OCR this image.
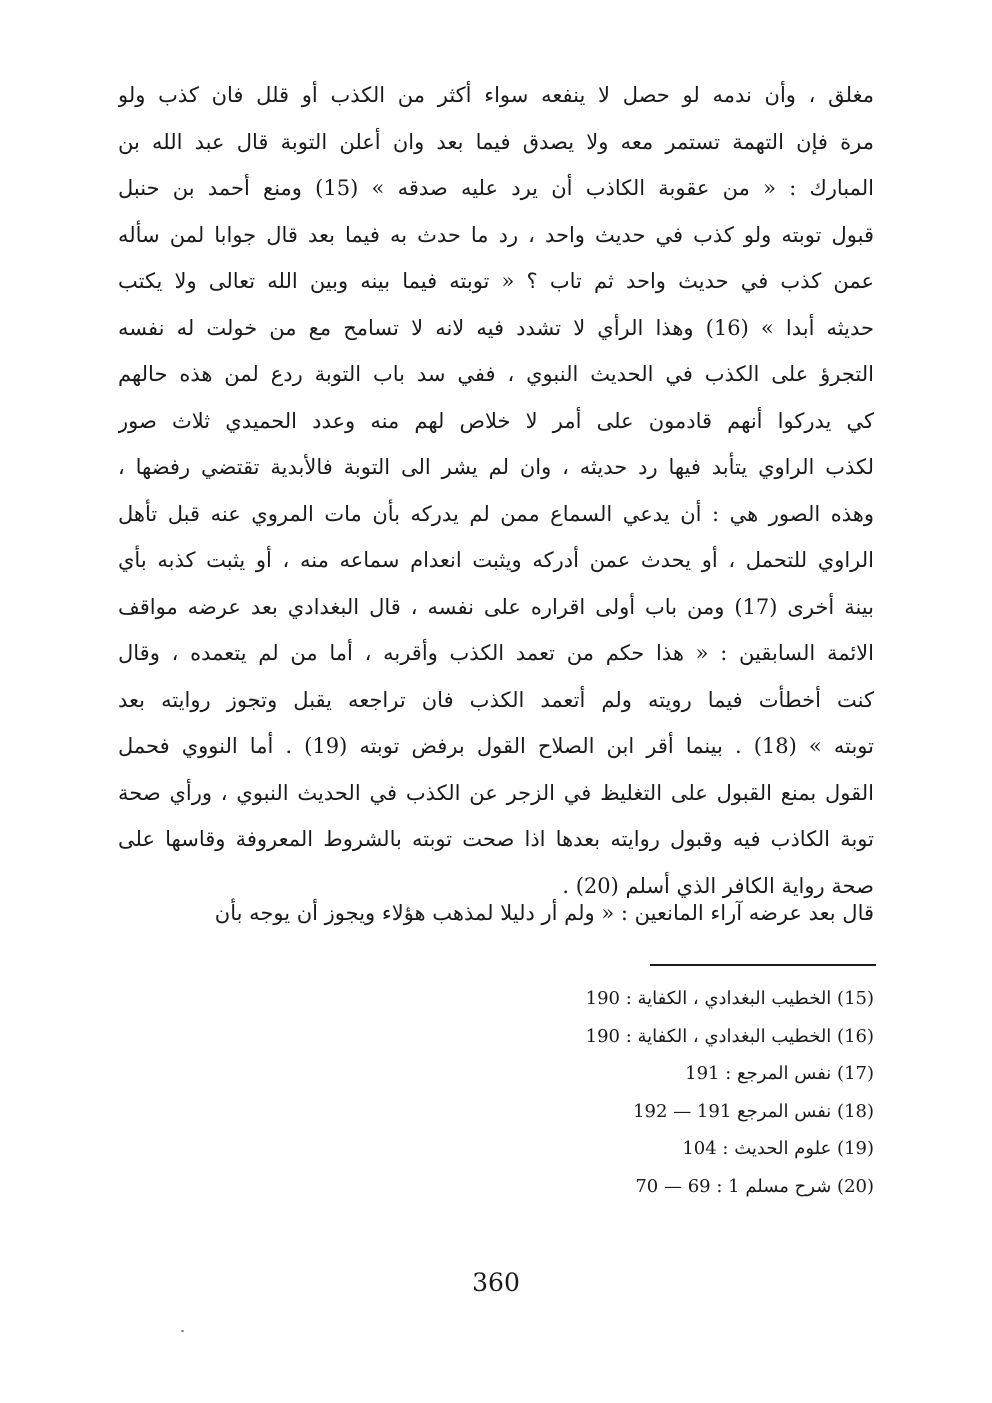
مغلق ، وأن ندمه لو حصل لا ينفعه سواء أكثر من الكذب أو قلل فان كذب ولو
مرة فإن التهمة تستمر معه ولا يصدق فيما بعد وان أعلن التوبة قال عبد الله بن
المبارك : « من عقوبة الكاذب أن يرد عليه صدقه » (15) ومنع أحمد بن حنبل
قبول توبته ولو كذب في حديث واحد ، رد ما حدث به فيما بعد قال جوابا لمن سأله
عمن كذب في حديث واحد ثم تاب ؟ « توبته فيما بينه وبين الله تعالى ولا يكتب
حديثه أبدا » (16) وهذا الرأي لا تشدد فيه لانه لا تسامح مع من خولت له نفسه
التجرؤ على الكذب في الحديث النبوي ، ففي سد باب التوبة ردع لمن هذه حالهم
كي يدركوا أنهم قادمون على أمر لا خلاص لهم منه وعدد الحميدي ثلاث صور
لكذب الراوي يتأبد فيها رد حديثه ، وان لم يشر الى التوبة فالأبدية تقتضي رفضها ،
وهذه الصور هي : أن يدعي السماع ممن لم يدركه بأن مات المروي عنه قبل تأهل
الراوي للتحمل ، أو يحدث عمن أدركه ويثبت انعدام سماعه منه ، أو يثبت كذبه بأي
بينة أخرى (17) ومن باب أولى اقراره على نفسه ، قال البغدادي بعد عرضه مواقف
الائمة السابقين : « هذا حكم من تعمد الكذب وأقربه ، أما من لم يتعمده ، وقال
كنت أخطأت فيما رويته ولم أتعمد الكذب فان تراجعه يقبل وتجوز روايته بعد
توبته » (18) . بينما أقر ابن الصلاح القول برفض توبته (19) . أما النووي فحمل
القول بمنع القبول على التغليظ في الزجر عن الكذب في الحديث النبوي ، ورأي صحة
توبة الكاذب فيه وقبول روايته بعدها اذا صحت توبته بالشروط المعروفة وقاسها على
صحة رواية الكافر الذي أسلم (20) .
قال بعد عرضه آراء المانعين : « ولم أر دليلا لمذهب هؤلاء ويجوز أن يوجه بأن
(15) الخطيب البغدادي ، الكفاية : 190
(16) الخطيب البغدادي ، الكفاية : 190
(17) نفس المرجع : 191
(18) نفس المرجع 191 — 192
(19) علوم الحديث : 104
(20) شرح مسلم 1 : 69 — 70
360
